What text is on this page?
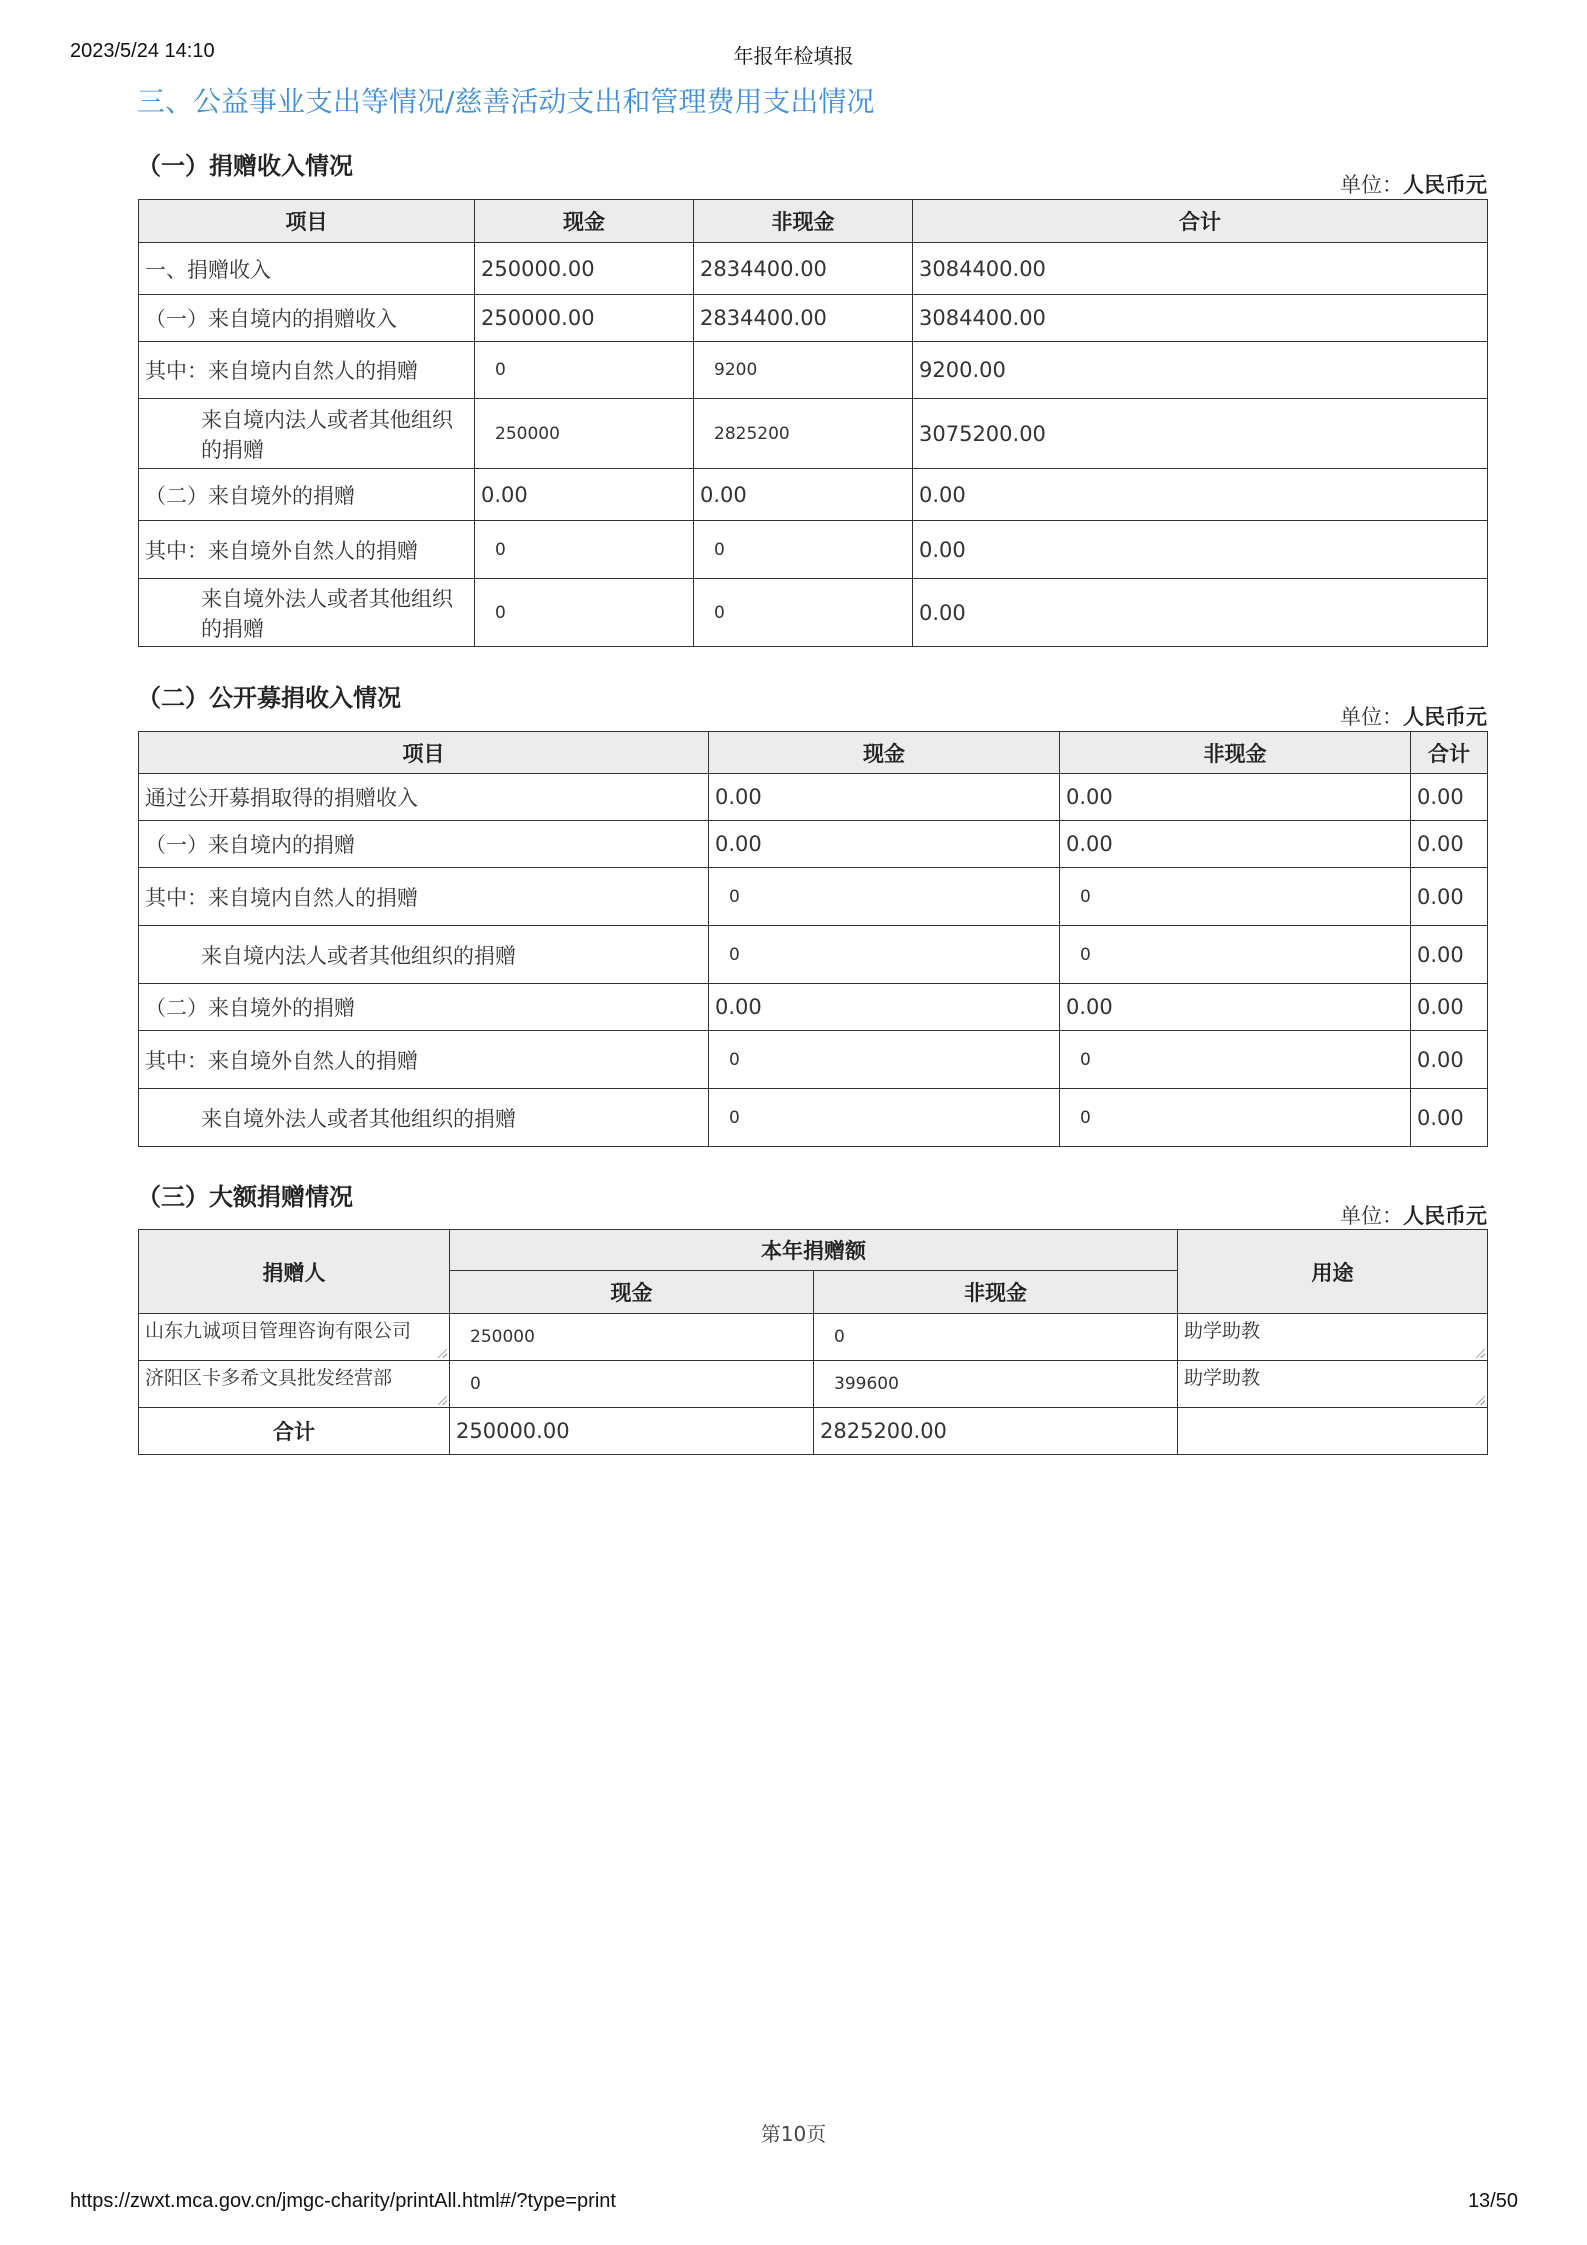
2023/5/24 14:10	年报年检填报
三、公益事业支出等情况/慈善活动支出和管理费用支出情况
（一）捐赠收入情况
单位：人民币元
项目	现金	非现金	合计
一、捐赠收入	250000.00	2834400.00	3084400.00
（一）来自境内的捐赠收入	250000.00	2834400.00	3084400.00
其中：来自境内自然人的捐赠	0	9200	9200.00
来自境内法人或者其他组织的捐赠	250000	2825200	3075200.00
（二）来自境外的捐赠	0.00	0.00	0.00
其中：来自境外自然人的捐赠	0	0	0.00
来自境外法人或者其他组织的捐赠	0	0	0.00
（二）公开募捐收入情况
单位：人民币元
项目	现金	非现金	合计
通过公开募捐取得的捐赠收入	0.00	0.00	0.00
（一）来自境内的捐赠	0.00	0.00	0.00
其中：来自境内自然人的捐赠	0	0	0.00
来自境内法人或者其他组织的捐赠	0	0	0.00
（二）来自境外的捐赠	0.00	0.00	0.00
其中：来自境外自然人的捐赠	0	0	0.00
来自境外法人或者其他组织的捐赠	0	0	0.00
（三）大额捐赠情况
单位：人民币元
捐赠人	本年捐赠额		用途
	现金	非现金	
山东九诚项目管理咨询有限公司	250000	0	助学助教

济阳区卡多希文具批发经营部	0	399600	助学助教

合计	250000.00	2825200.00	
第10页
https://zwxt.mca.gov.cn/jmgc-charity/printAll.html#/?type=print	13/50
